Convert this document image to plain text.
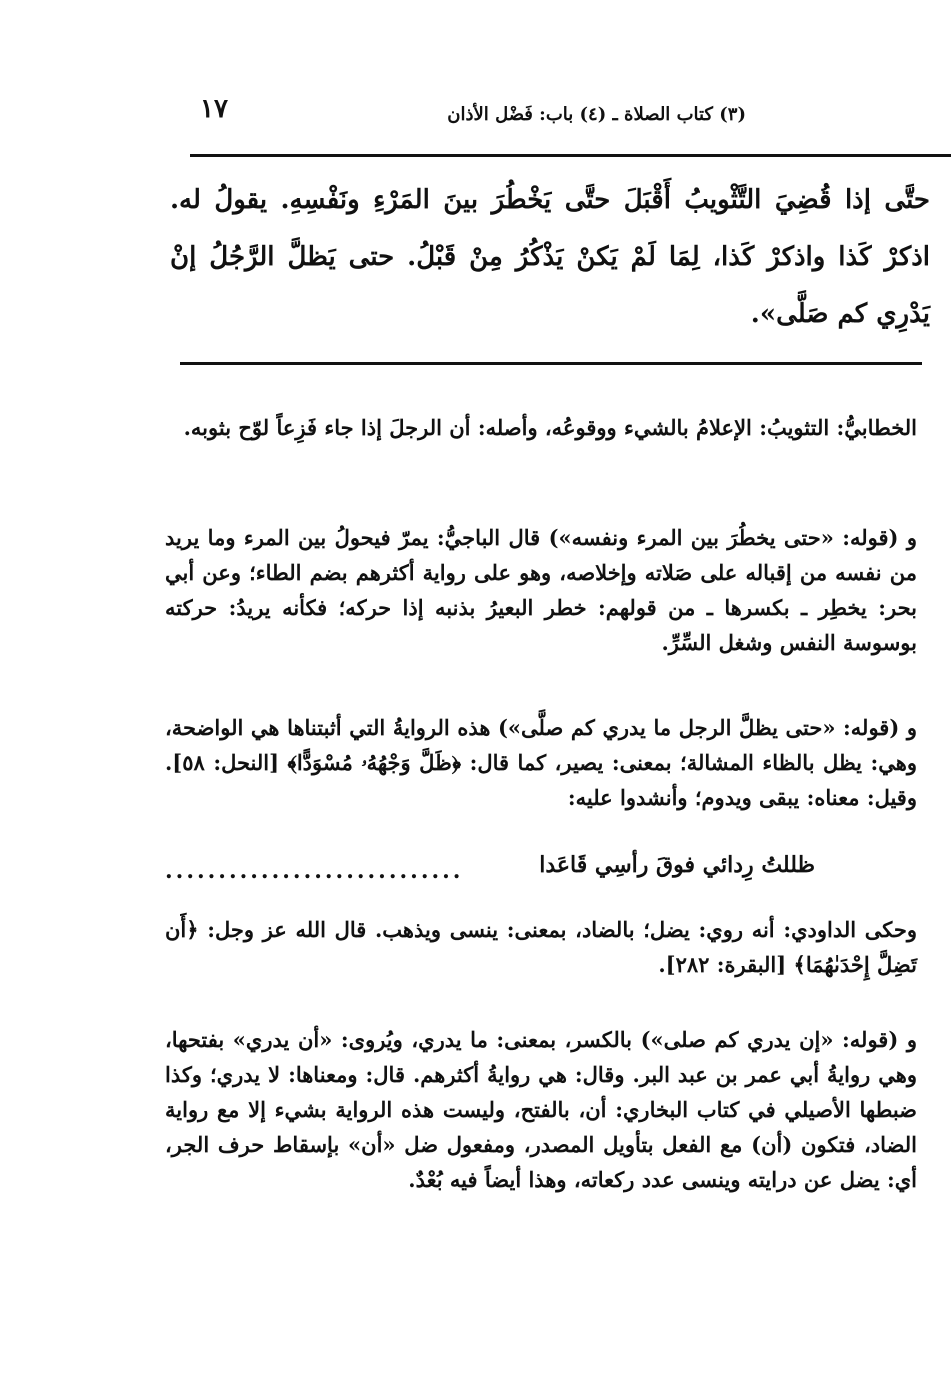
(٣) كتاب الصلاة ـ (٤) باب: فَضْل الأذان
١٧
حتَّى إذا قُضِيَ التَّثْويبُ أَقْبَلَ حتَّى يَخْطُرَ بينَ المَرْءِ ونَفْسِهِ. يقولُ له. اذكرْ كَذا واذكرْ كَذا، لِمَا لَمْ يَكنْ يَذْكُرُ مِنْ قَبْلُ. حتى يَظلَّ الرَّجُلُ إنْ يَدْرِي كم صَلَّى».

الخطابيُّ: التثويبُ: الإعلامُ بالشيء ووقوعُه، وأصله: أن الرجلَ إذا جاء فَزِعاً لوّح بثوبه.

و (قوله: «حتى يخطُرَ بين المرء ونفسه») قال الباجيُّ: يمرّ فيحولُ بين المرء وما يريد من نفسه من إقباله على صَلاته وإخلاصه، وهو على رواية أكثرهم بضم الطاء؛ وعن أبي بحر: يخطِر ـ بكسرها ـ من قولهم: خطر البعيرُ بذنبه إذا حركه؛ فكأنه يريدُ: حركته بوسوسة النفس وشغل السِّرِّ.

و (قوله: «حتى يظلَّ الرجل ما يدري كم صلَّى») هذه الروايةُ التي أثبتناها هي الواضحة، وهي: يظل بالظاء المشالة؛ بمعنى: يصير، كما قال: ﴿ظَلَّ وَجْهُهُۥ مُسْوَدًّا﴾ [النحل: ٥٨]. وقيل: معناه: يبقى ويدوم؛ وأنشدوا عليه:

ظللتُ رِدائي فوقَ رأسِي قَاعَدا
............................

وحكى الداودي: أنه روي: يضل؛ بالضاد، بمعنى: ينسى ويذهب. قال الله عز وجل: ﴿أَن تَضِلَّ إِحْدَىٰهُمَا﴾ [البقرة: ٢٨٢].

و (قوله: «إن يدري كم صلى») بالكسر، بمعنى: ما يدري، ويُروى: «أن يدري» بفتحها، وهي روايةُ أبي عمر بن عبد البر. وقال: هي روايةُ أكثرهم. قال: ومعناها: لا يدري؛ وكذا ضبطها الأصيلي في كتاب البخاري: أن، بالفتح، وليست هذه الرواية بشيء إلا مع رواية الضاد، فتكون (أن) مع الفعل بتأويل المصدر، ومفعول ضل «أن» بإسقاط حرف الجر، أي: يضل عن درايته وينسى عدد ركعاته، وهذا أيضاً فيه بُعْدٌ.
